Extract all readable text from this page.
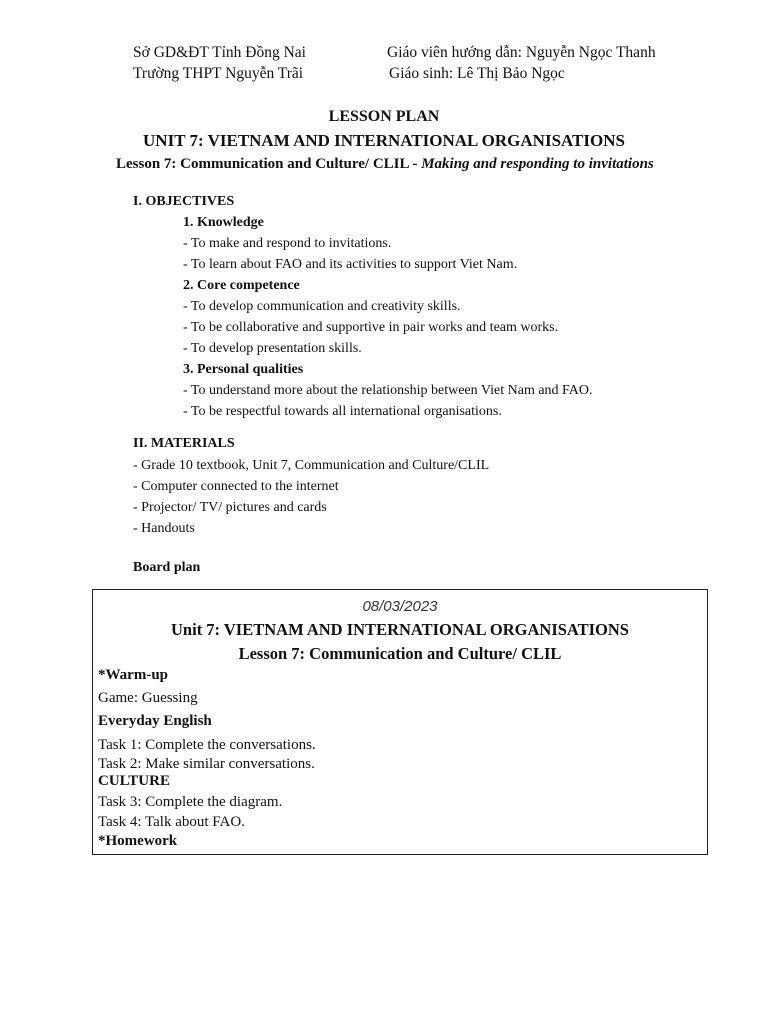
Sở GD&ĐT Tỉnh Đồng Nai
Trường THPT Nguyễn Trãi
Giáo viên hướng dẫn: Nguyễn Ngọc Thanh
Giáo sinh: Lê Thị Bảo Ngọc
LESSON PLAN
UNIT 7: VIETNAM AND INTERNATIONAL ORGANISATIONS
Lesson 7: Communication and Culture/ CLIL - Making and responding to invitations
I. OBJECTIVES
1. Knowledge
- To make and respond to invitations.
- To learn about FAO and its activities to support Viet Nam.
2. Core competence
- To develop communication and creativity skills.
- To be collaborative and supportive in pair works and team works.
- To develop presentation skills.
3. Personal qualities
- To understand more about the relationship between Viet Nam and FAO.
- To be respectful towards all international organisations.
II. MATERIALS
- Grade 10 textbook, Unit 7, Communication and Culture/CLIL
- Computer connected to the internet
- Projector/ TV/ pictures and cards
- Handouts
Board plan
08/03/2023
Unit 7: VIETNAM AND INTERNATIONAL ORGANISATIONS
Lesson 7: Communication and Culture/ CLIL
*Warm-up
Game: Guessing
Everyday English
Task 1: Complete the conversations.
Task 2: Make similar conversations.
CULTURE
Task 3: Complete the diagram.
Task 4: Talk about FAO.
*Homework
